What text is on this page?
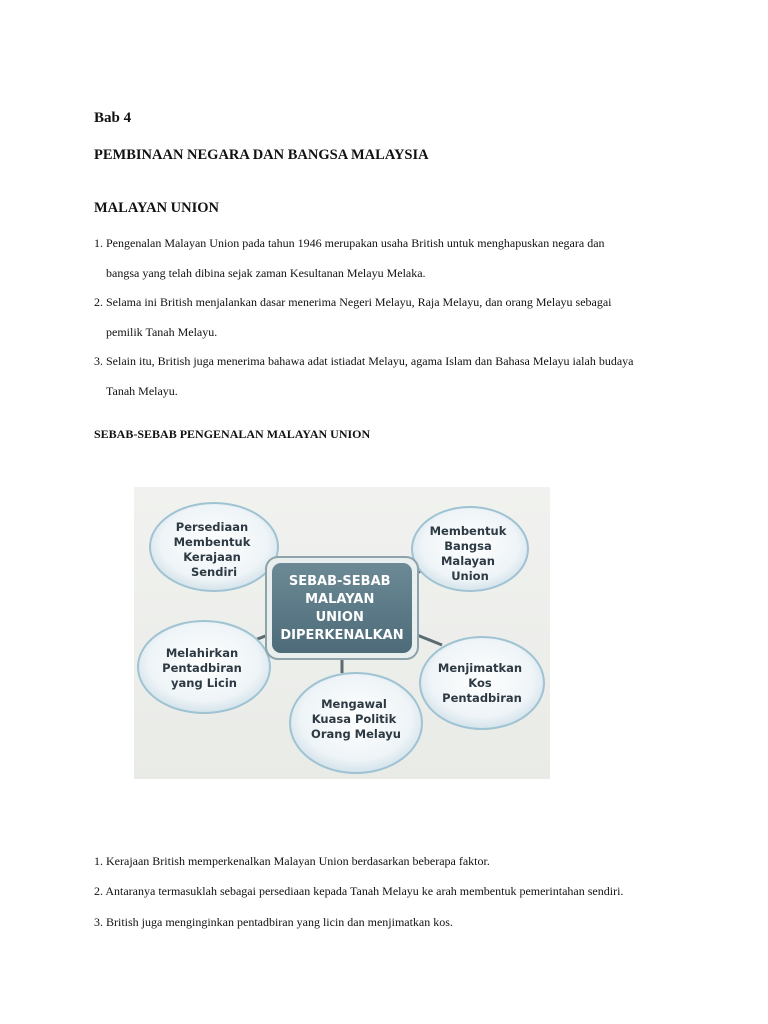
Bab 4
PEMBINAAN NEGARA DAN BANGSA MALAYSIA
MALAYAN UNION
1. Pengenalan Malayan Union pada tahun 1946 merupakan usaha British untuk menghapuskan negara dan
bangsa yang telah dibina sejak zaman Kesultanan Melayu Melaka.
2. Selama ini British menjalankan dasar menerima Negeri Melayu, Raja Melayu, dan orang Melayu sebagai
pemilik Tanah Melayu.
3. Selain itu, British juga menerima bahawa adat istiadat Melayu, agama Islam dan Bahasa Melayu ialah budaya
Tanah Melayu.
SEBAB-SEBAB PENGENALAN MALAYAN UNION
Persediaan Membentuk Kerajaan Sendiri
Membentuk Bangsa Malayan Union
Melahirkan Pentadbiran yang Licin
Menjimatkan Kos Pentadbiran
Mengawal Kuasa Politik Orang Melayu
SEBAB-SEBAB MALAYAN UNION DIPERKENALKAN
1. Kerajaan British memperkenalkan Malayan Union berdasarkan beberapa faktor.
2. Antaranya termasuklah sebagai persediaan kepada Tanah Melayu ke arah membentuk pemerintahan sendiri.
3. British juga menginginkan pentadbiran yang licin dan menjimatkan kos.
